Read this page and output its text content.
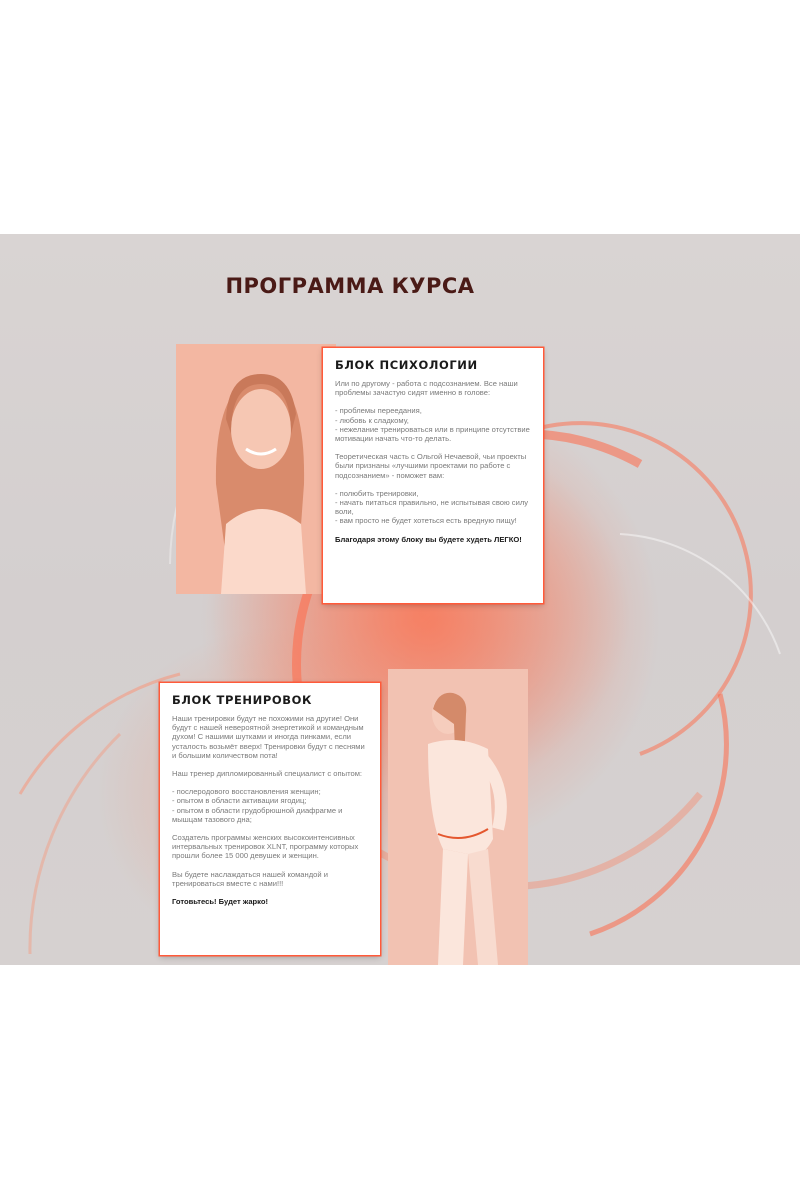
ПРОГРАММА КУРСА
БЛОК ПСИХОЛОГИИ

Или по другому - работа с подсознанием. Все наши проблемы зачастую сидят именно в голове:

- проблемы переедания,
- любовь к сладкому,
- нежелание тренироваться или в принципе отсутствие мотивации начать что-то делать.

Теоретическая часть с Ольгой Нечаевой, чьи проекты были признаны «лучшими проектами по работе с подсознанием» - поможет вам:

- полюбить тренировки,
- начать питаться правильно, не испытывая свою силу воли,
- вам просто не будет хотеться есть вредную пищу!

Благодаря этому блоку вы будете худеть ЛЕГКО!

БЛОК ТРЕНИРОВОК

Наши тренировки будут не похожими на другие! Они будут с нашей невероятной энергетикой и командным духом! С нашими шутками и иногда пинками, если усталость возьмёт вверх! Тренировки будут с песнями и большим количеством пота!

Наш тренер дипломированный специалист с опытом:

- послеродового восстановления женщин;
- опытом в области активации ягодиц;
- опытом в области грудобрюшной диафрагме и мышцам тазового дна;

Создатель программы женских высокоинтенсивных интервальных тренировок XLNT, программу которых прошли более 15 000 девушек и женщин.

Вы будете наслаждаться нашей командой и тренироваться вместе с нами!!!

Готовьтесь! Будет жарко!
